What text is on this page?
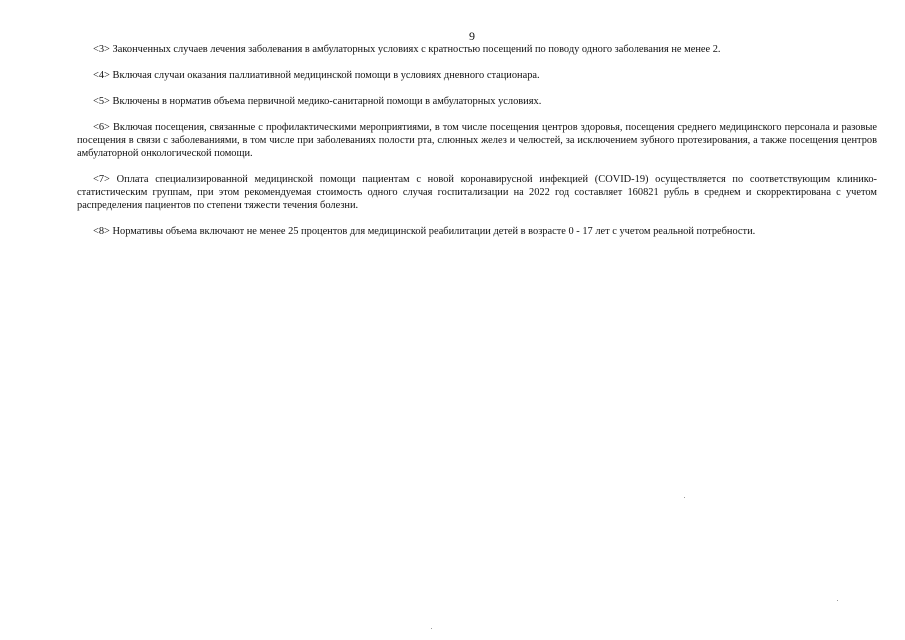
9

<3> Законченных случаев лечения заболевания в амбулаторных условиях с кратностью посещений по поводу одного заболевания не менее 2.

<4> Включая случаи оказания паллиативной медицинской помощи в условиях дневного стационара.

<5> Включены в норматив объема первичной медико-санитарной помощи в амбулаторных условиях.

<6> Включая посещения, связанные с профилактическими мероприятиями, в том числе посещения центров здоровья, посещения среднего медицинского персонала и разовые посещения в связи с заболеваниями, в том числе при заболеваниях полости рта, слюнных желез и челюстей, за исключением зубного протезирования, а также посещения центров амбулаторной онкологической помощи.

<7> Оплата специализированной медицинской помощи пациентам с новой коронавирусной инфекцией (COVID-19) осуществляется по соответствующим клинико-статистическим группам, при этом рекомендуемая стоимость одного случая госпитализации на 2022 год составляет 160821 рубль в среднем и скорректирована с учетом распределения пациентов по степени тяжести течения болезни.

<8> Нормативы объема включают не менее 25 процентов для медицинской реабилитации детей в возрасте 0 - 17 лет с учетом реальной потребности.
